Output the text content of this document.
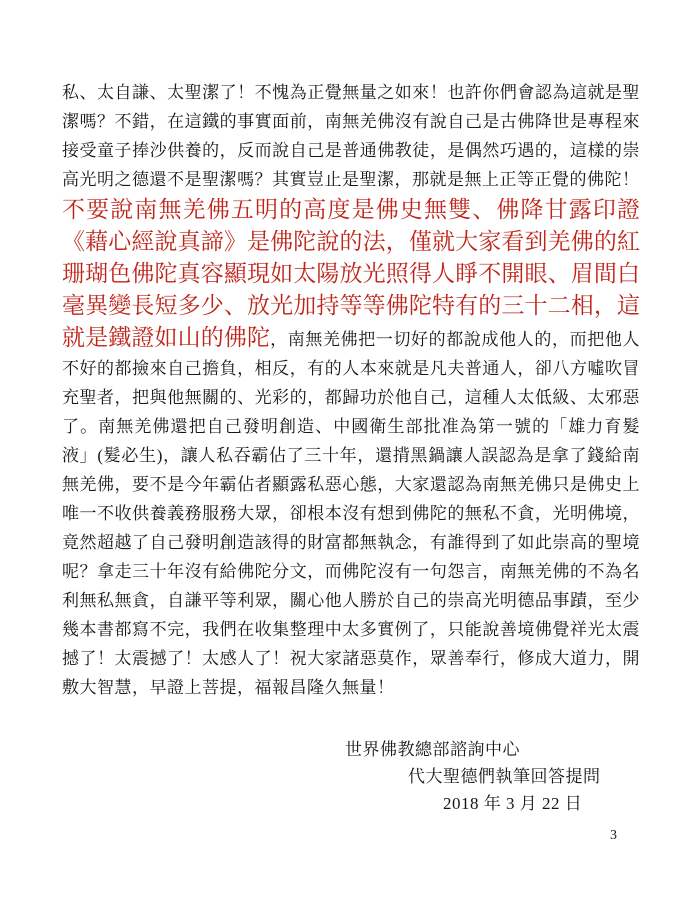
私、太自謙、太聖潔了！不愧為正覺無量之如來！也許你們會認為這就是聖潔嗎？不錯，在這鐵的事實面前，南無羌佛沒有說自己是古佛降世是專程來接受童子捧沙供養的，反而說自己是普通佛教徒，是偶然巧遇的，這樣的崇高光明之德還不是聖潔嗎？其實豈止是聖潔，那就是無上正等正覺的佛陀！

不要說南無羌佛五明的高度是佛史無雙、佛降甘露印證《藉心經說真諦》是佛陀說的法，僅就大家看到羌佛的紅珊瑚色佛陀真容顯現如太陽放光照得人睜不開眼、眉間白毫異變長短多少、放光加持等等佛陀特有的三十二相，這就是鐵證如山的佛陀，南無羌佛把一切好的都說成他人的，而把他人不好的都撿來自己擔負，相反，有的人本來就是凡夫普通人，卻八方噓吹冒充聖者，把與他無關的、光彩的，都歸功於他自己，這種人太低級、太邪惡了。南無羌佛還把自己發明創造、中國衛生部批准為第一號的「雄力育髮液」(髮必生)，讓人私吞霸佔了三十年，還揹黑鍋讓人誤認為是拿了錢給南無羌佛，要不是今年霸佔者顯露私惡心態，大家還認為南無羌佛只是佛史上唯一不收供養義務服務大眾，卻根本沒有想到佛陀的無私不貪，光明佛境，竟然超越了自己發明創造該得的財富都無執念，有誰得到了如此崇高的聖境呢？拿走三十年沒有給佛陀分文，而佛陀沒有一句怨言，南無羌佛的不為名利無私無貪，自謙平等利眾，關心他人勝於自己的崇高光明德品事蹟，至少幾本書都寫不完，我們在收集整理中太多實例了，只能說善境佛覺祥光太震撼了！太震撼了！太感人了！祝大家諸惡莫作，眾善奉行，修成大道力，開敷大智慧，早證上菩提，福報昌隆久無量！

世界佛教總部諮詢中心
代大聖德們執筆回答提問
2018 年 3 月 22 日
3
